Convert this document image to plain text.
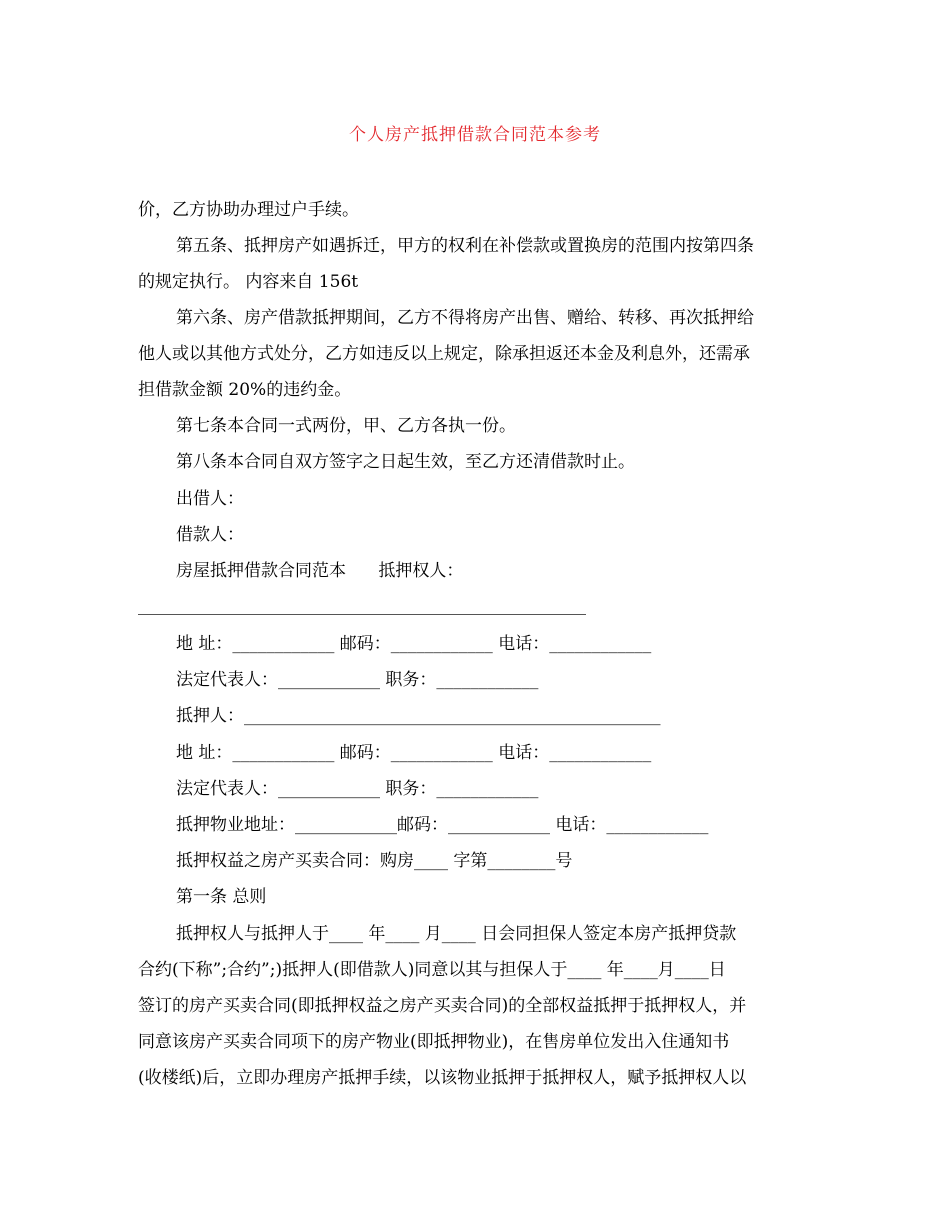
个人房产抵押借款合同范本参考
价，乙方协助办理过户手续。
第五条、抵押房产如遇拆迁，甲方的权利在补偿款或置换房的范围内按第四条
的规定执行。 内容来自 156t
第六条、房产借款抵押期间，乙方不得将房产出售、赠给、转移、再次抵押给
他人或以其他方式处分，乙方如违反以上规定，除承担返还本金及利息外，还需承
担借款金额 20%的违约金。
第七条本合同一式两份，甲、乙方各执一份。
第八条本合同自双方签字之日起生效，至乙方还清借款时止。
出借人：
借款人：
房屋抵押借款合同范本      抵押权人：
地 址：____________ 邮码：____________ 电话：____________
法定代表人：____________ 职务：____________
抵押人：_________________________________________________
地 址：____________ 邮码：____________ 电话：____________
法定代表人：____________ 职务：____________
抵押物业地址：____________邮码：____________ 电话：____________
抵押权益之房产买卖合同：购房____ 字第________号
第一条 总则
抵押权人与抵押人于____ 年____ 月____ 日会同担保人签定本房产抵押贷款
合约(下称”;合约”;)抵押人(即借款人)同意以其与担保人于____ 年____月____日
签订的房产买卖合同(即抵押权益之房产买卖合同)的全部权益抵押于抵押权人，并
同意该房产买卖合同项下的房产物业(即抵押物业)，在售房单位发出入住通知书
(收楼纸)后，立即办理房产抵押手续，以该物业抵押于抵押权人，赋予抵押权人以
